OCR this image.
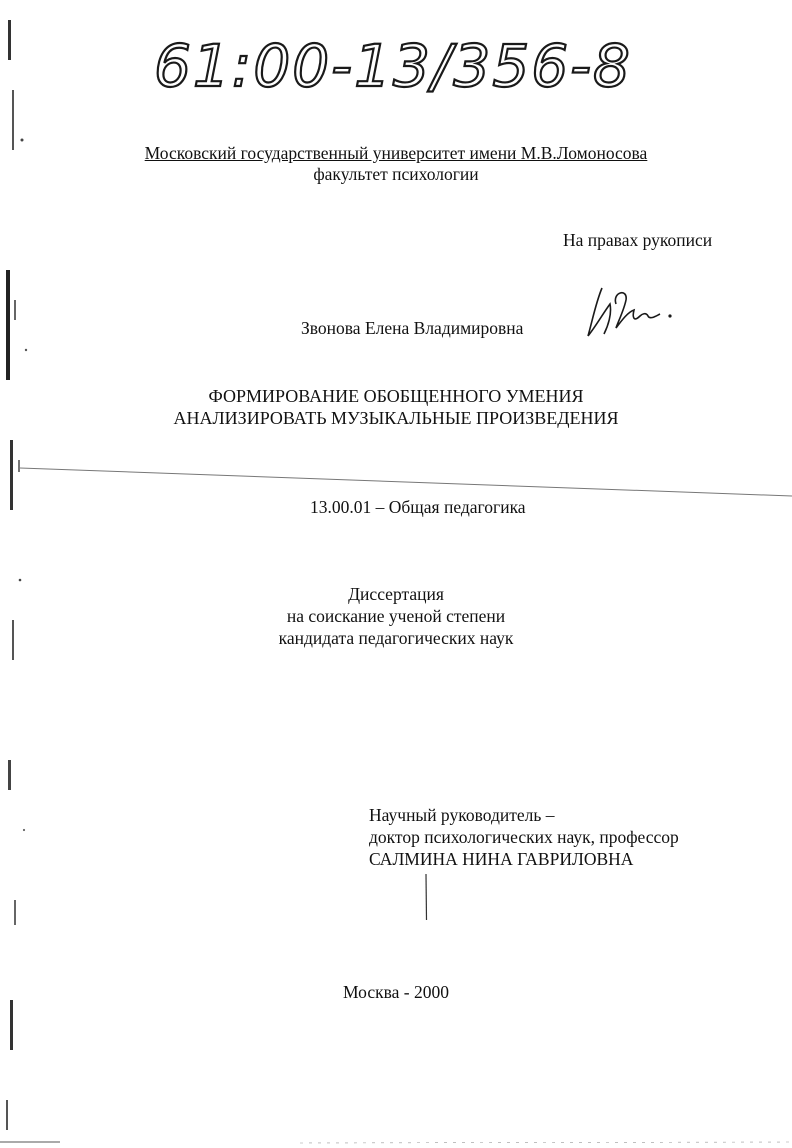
61:00-13/356-8
Московский государственный университет имени М.В.Ломоносова
факультет психологии
На правах рукописи
Звонова Елена Владимировна
ФОРМИРОВАНИЕ ОБОБЩЕННОГО УМЕНИЯ
АНАЛИЗИРОВАТЬ МУЗЫКАЛЬНЫЕ ПРОИЗВЕДЕНИЯ
13.00.01 – Общая педагогика
Диссертация
на соискание ученой степени
кандидата педагогических наук
Научный руководитель –
доктор психологических наук, профессор
САЛМИНА НИНА ГАВРИЛОВНА
Москва - 2000
